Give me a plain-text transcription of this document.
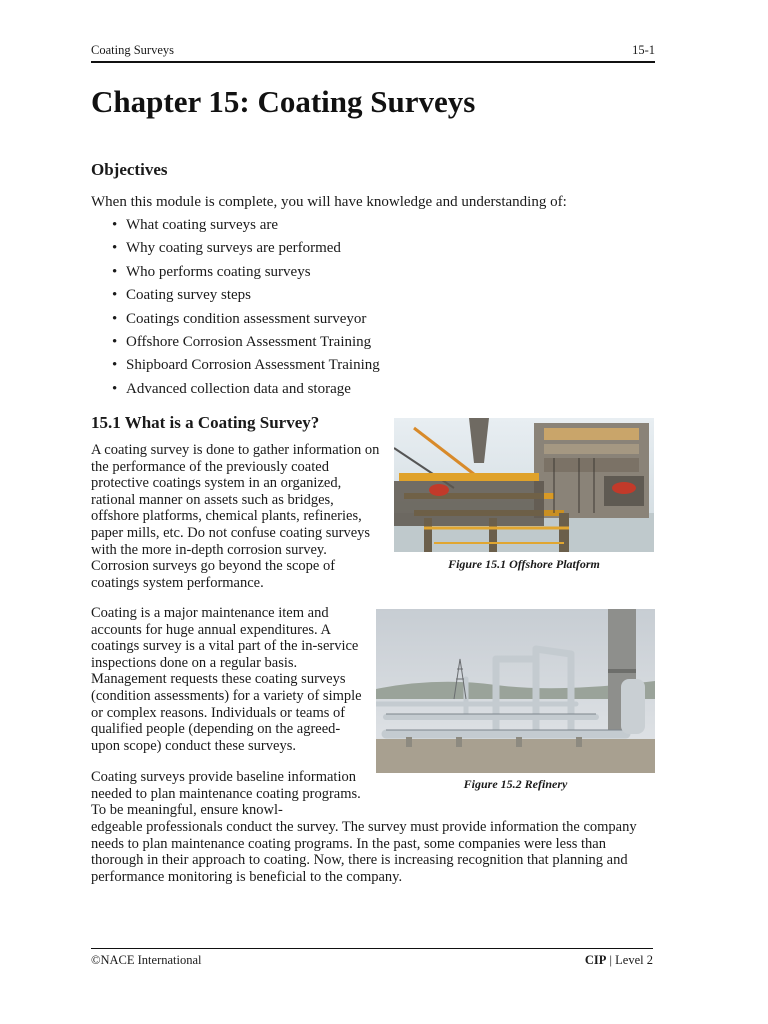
Coating Surveys	15-1
Chapter 15: Coating Surveys
Objectives

When this module is complete, you will have knowledge and understanding of:

• What coating surveys are
• Why coating surveys are performed
• Who performs coating surveys
• Coating survey steps
• Coatings condition assessment surveyor
• Offshore Corrosion Assessment Training
• Shipboard Corrosion Assessment Training
• Advanced collection data and storage
15.1 What is a Coating Survey?

A coating survey is done to gather information on the performance of the previously coated protective coatings system in an organized, rational manner on assets such as bridges, offshore platforms, chemical plants, refineries, paper mills, etc. Do not confuse coating surveys with the more in-depth corrosion survey. Corrosion surveys go beyond the scope of coatings system performance.

Coating is a major maintenance item and accounts for huge annual expenditures. A coatings survey is a vital part of the in-service inspections done on a regular basis. Management requests these coating surveys (condition assessments) for a variety of simple or complex reasons. Individuals or teams of qualified people (depending on the agreed-upon scope) conduct these surveys.

Coating surveys provide baseline information needed to plan maintenance coating programs. To be meaningful, ensure knowl-

edgeable professionals conduct the survey. The survey must provide information the company needs to plan maintenance coating programs. In the past, some companies were less than thorough in their approach to coating. Now, there is increasing recognition that planning and performance monitoring is beneficial to the company.

Figure 15.1 Offshore Platform
Figure 15.2 Refinery
©NACE International	CIP | Level 2
